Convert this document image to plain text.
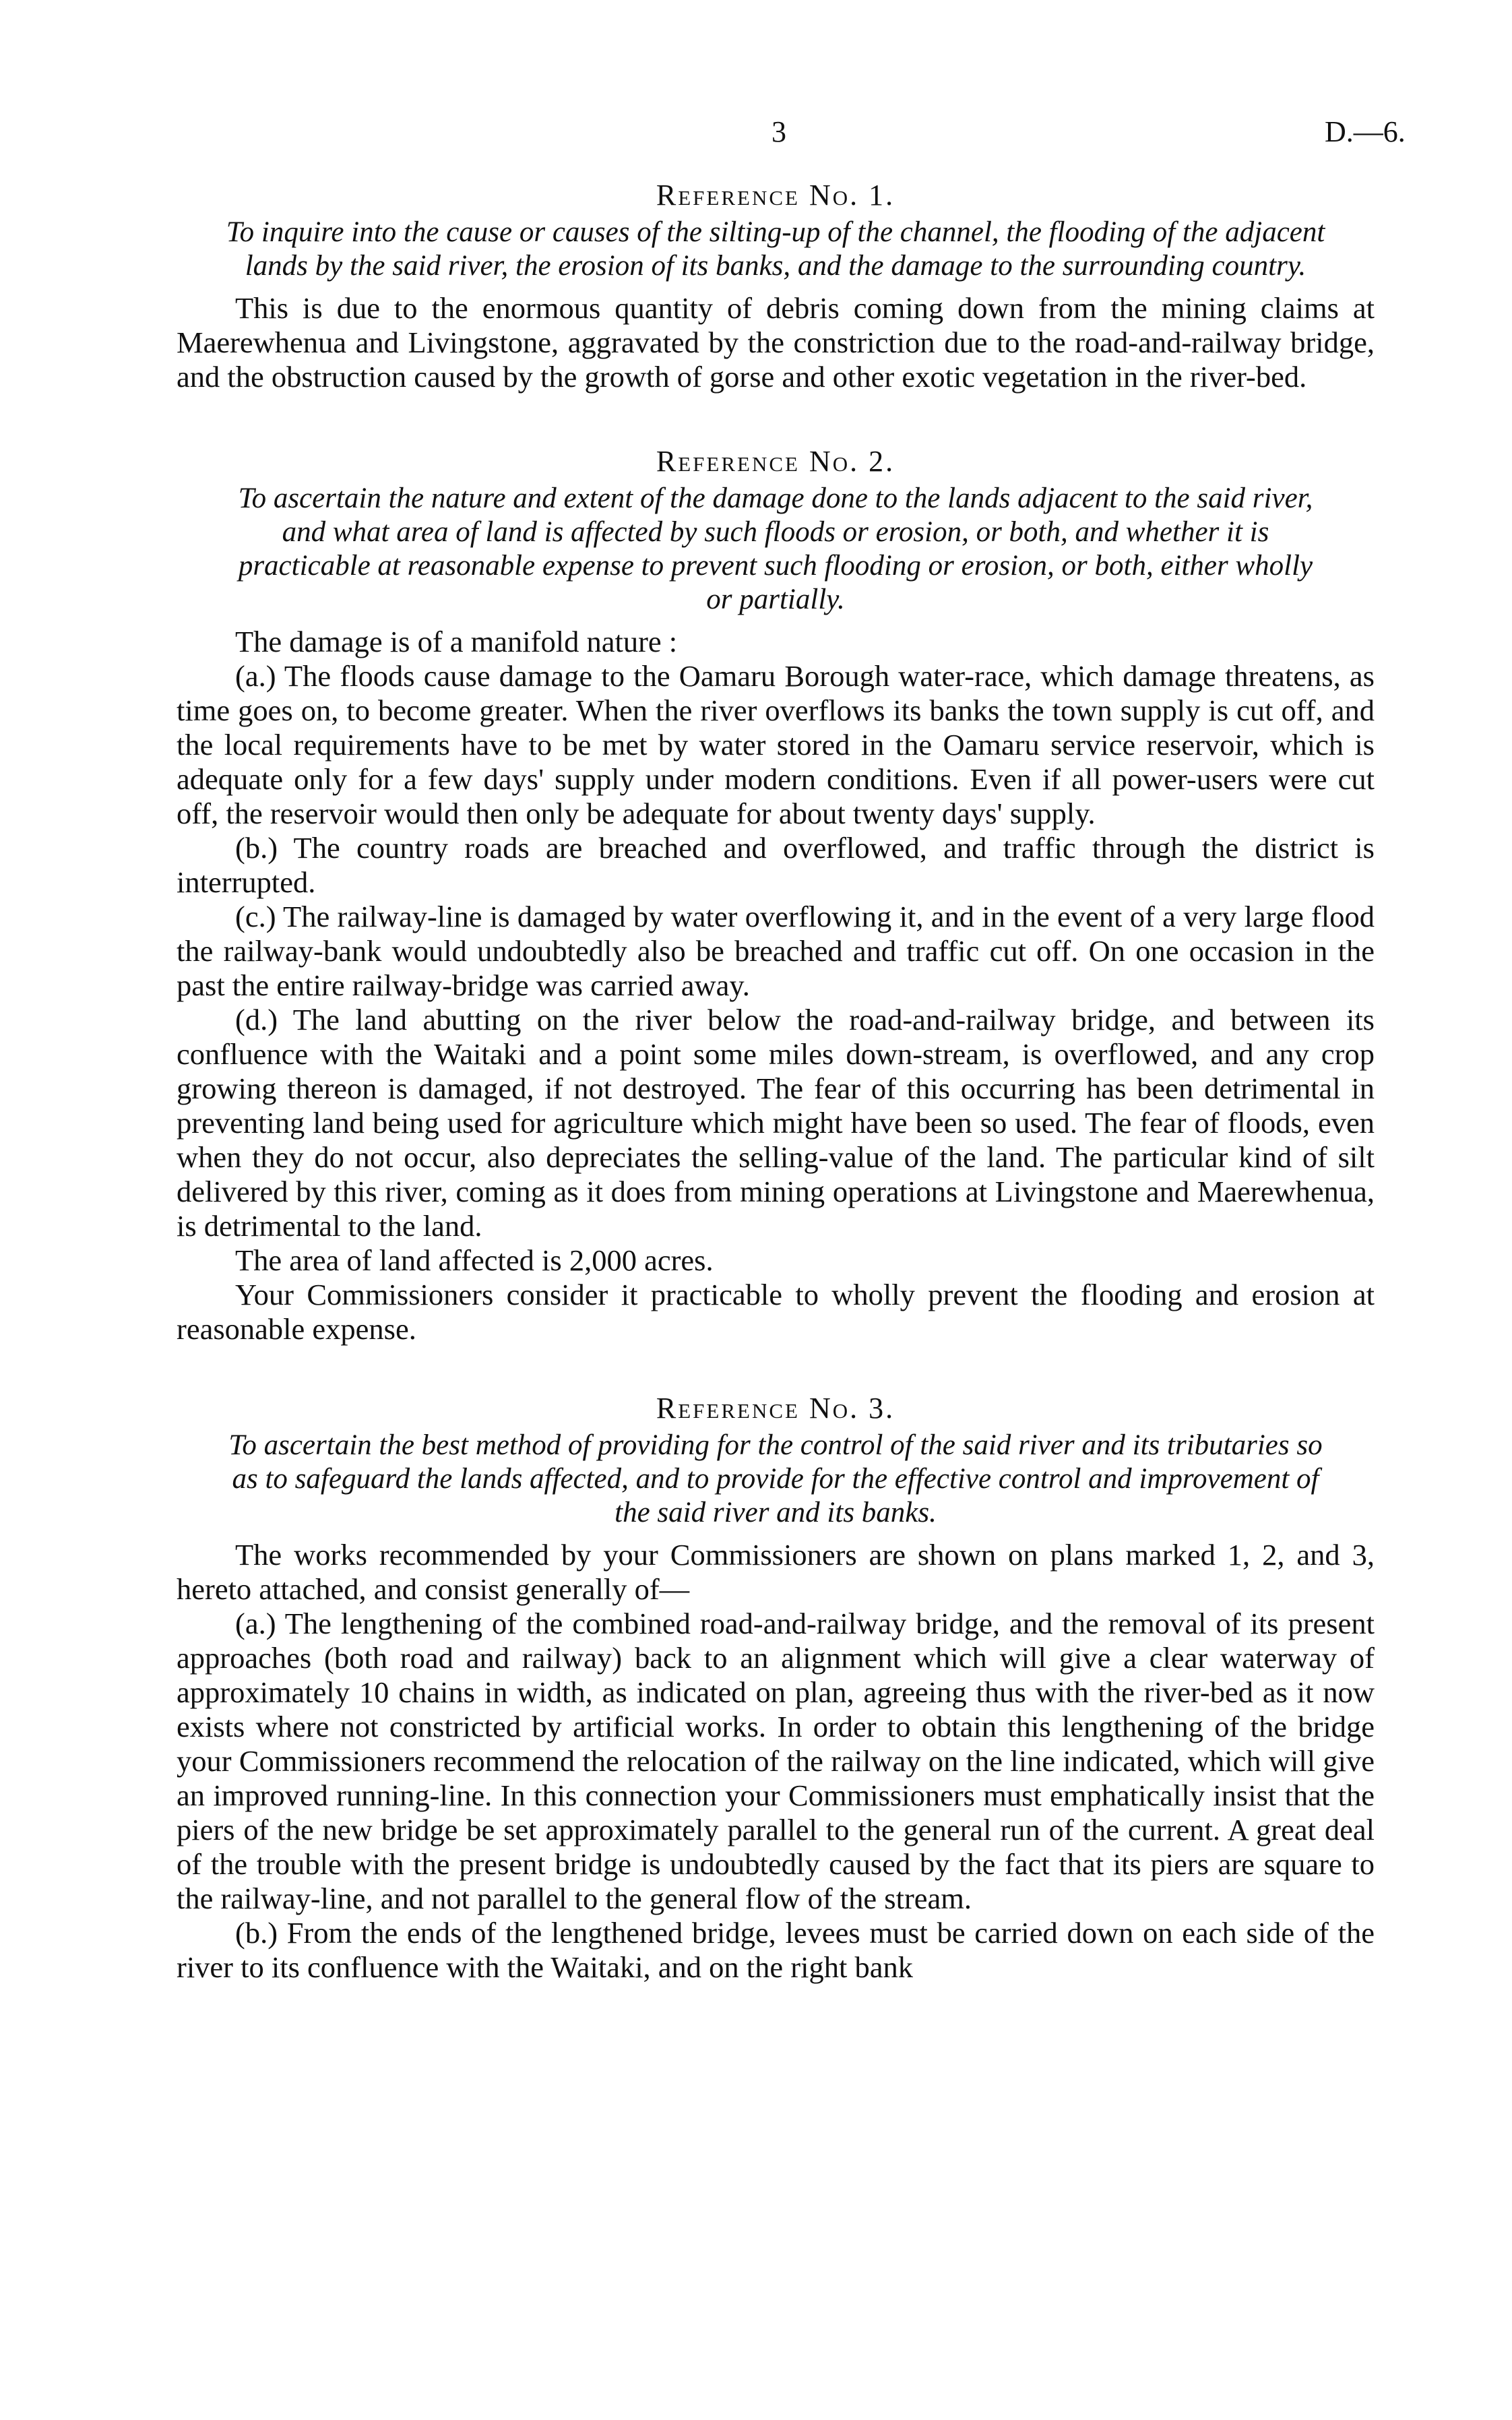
3	D.—6.
Reference No. 1.
To inquire into the cause or causes of the silting-up of the channel, the flooding of the adjacent lands by the said river, the erosion of its banks, and the damage to the surrounding country.

This is due to the enormous quantity of debris coming down from the mining claims at Maerewhenua and Livingstone, aggravated by the constriction due to the road-and-railway bridge, and the obstruction caused by the growth of gorse and other exotic vegetation in the river-bed.

Reference No. 2.
To ascertain the nature and extent of the damage done to the lands adjacent to the said river, and what area of land is affected by such floods or erosion, or both, and whether it is practicable at reasonable expense to prevent such flooding or erosion, or both, either wholly or partially.

The damage is of a manifold nature :

(a.) The floods cause damage to the Oamaru Borough water-race, which damage threatens, as time goes on, to become greater. When the river overflows its banks the town supply is cut off, and the local requirements have to be met by water stored in the Oamaru service reservoir, which is adequate only for a few days' supply under modern conditions. Even if all power-users were cut off, the reservoir would then only be adequate for about twenty days' supply.

(b.) The country roads are breached and overflowed, and traffic through the district is interrupted.

(c.) The railway-line is damaged by water overflowing it, and in the event of a very large flood the railway-bank would undoubtedly also be breached and traffic cut off. On one occasion in the past the entire railway-bridge was carried away.

(d.) The land abutting on the river below the road-and-railway bridge, and between its confluence with the Waitaki and a point some miles down-stream, is overflowed, and any crop growing thereon is damaged, if not destroyed. The fear of this occurring has been detrimental in preventing land being used for agriculture which might have been so used. The fear of floods, even when they do not occur, also depreciates the selling-value of the land. The particular kind of silt delivered by this river, coming as it does from mining operations at Livingstone and Maerewhenua, is detrimental to the land.

The area of land affected is 2,000 acres.

Your Commissioners consider it practicable to wholly prevent the flooding and erosion at reasonable expense.

Reference No. 3.
To ascertain the best method of providing for the control of the said river and its tributaries so as to safeguard the lands affected, and to provide for the effective control and improvement of the said river and its banks.

The works recommended by your Commissioners are shown on plans marked 1, 2, and 3, hereto attached, and consist generally of—

(a.) The lengthening of the combined road-and-railway bridge, and the removal of its present approaches (both road and railway) back to an alignment which will give a clear waterway of approximately 10 chains in width, as indicated on plan, agreeing thus with the river-bed as it now exists where not constricted by artificial works. In order to obtain this lengthening of the bridge your Commissioners recommend the relocation of the railway on the line indicated, which will give an improved running-line. In this connection your Commissioners must emphatically insist that the piers of the new bridge be set approximately parallel to the general run of the current. A great deal of the trouble with the present bridge is undoubtedly caused by the fact that its piers are square to the railway-line, and not parallel to the general flow of the stream.

(b.) From the ends of the lengthened bridge, levees must be carried down on each side of the river to its confluence with the Waitaki, and on the right bank
